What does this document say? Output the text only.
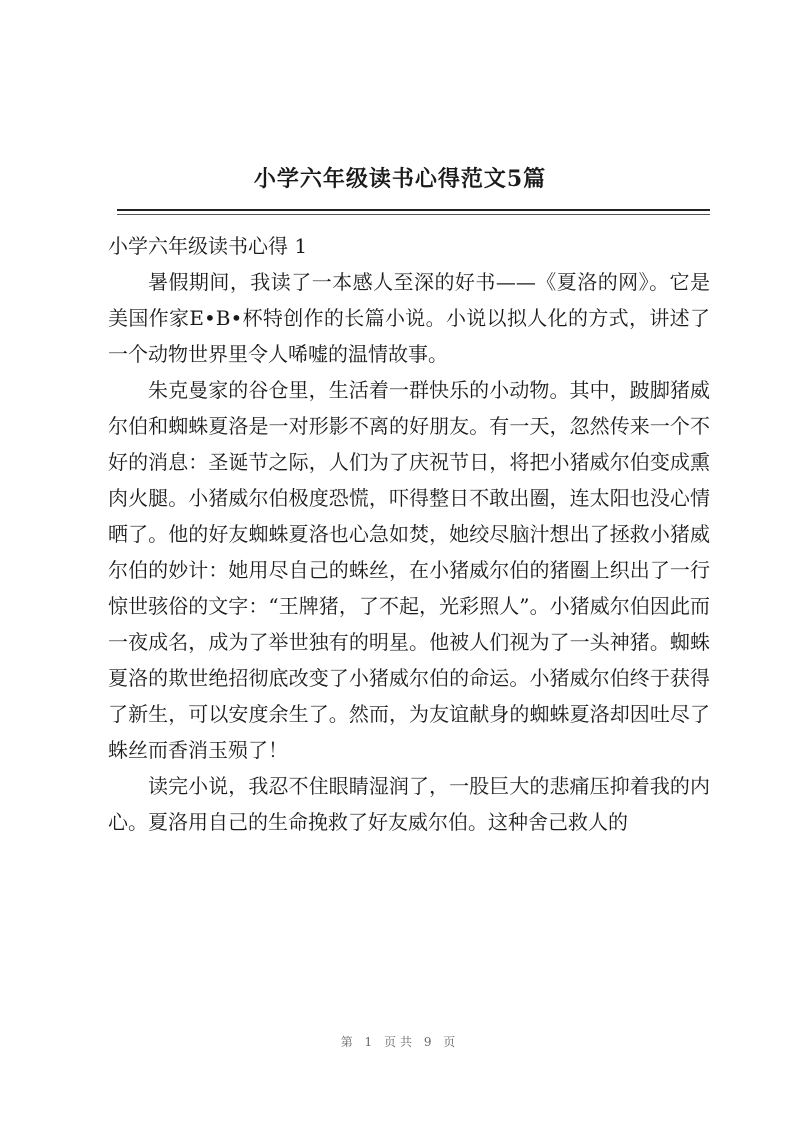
小学六年级读书心得范文5篇
小学六年级读书心得 1

暑假期间，我读了一本感人至深的好书——《夏洛的网》。它是美国作家E•B•杯特创作的长篇小说。小说以拟人化的方式，讲述了一个动物世界里令人唏嘘的温情故事。

朱克曼家的谷仓里，生活着一群快乐的小动物。其中，跛脚猪威尔伯和蜘蛛夏洛是一对形影不离的好朋友。有一天，忽然传来一个不好的消息：圣诞节之际，人们为了庆祝节日，将把小猪威尔伯变成熏肉火腿。小猪威尔伯极度恐慌，吓得整日不敢出圈，连太阳也没心情晒了。他的好友蜘蛛夏洛也心急如焚，她绞尽脑汁想出了拯救小猪威尔伯的妙计：她用尽自己的蛛丝，在小猪威尔伯的猪圈上织出了一行惊世骇俗的文字：“王牌猪，了不起，光彩照人”。小猪威尔伯因此而一夜成名，成为了举世独有的明星。他被人们视为了一头神猪。蜘蛛夏洛的欺世绝招彻底改变了小猪威尔伯的命运。小猪威尔伯终于获得了新生，可以安度余生了。然而，为友谊献身的蜘蛛夏洛却因吐尽了蛛丝而香消玉殒了！

读完小说，我忍不住眼睛湿润了，一股巨大的悲痛压抑着我的内心。夏洛用自己的生命挽救了好友威尔伯。这种舍己救人的

第 1 页共 9 页
